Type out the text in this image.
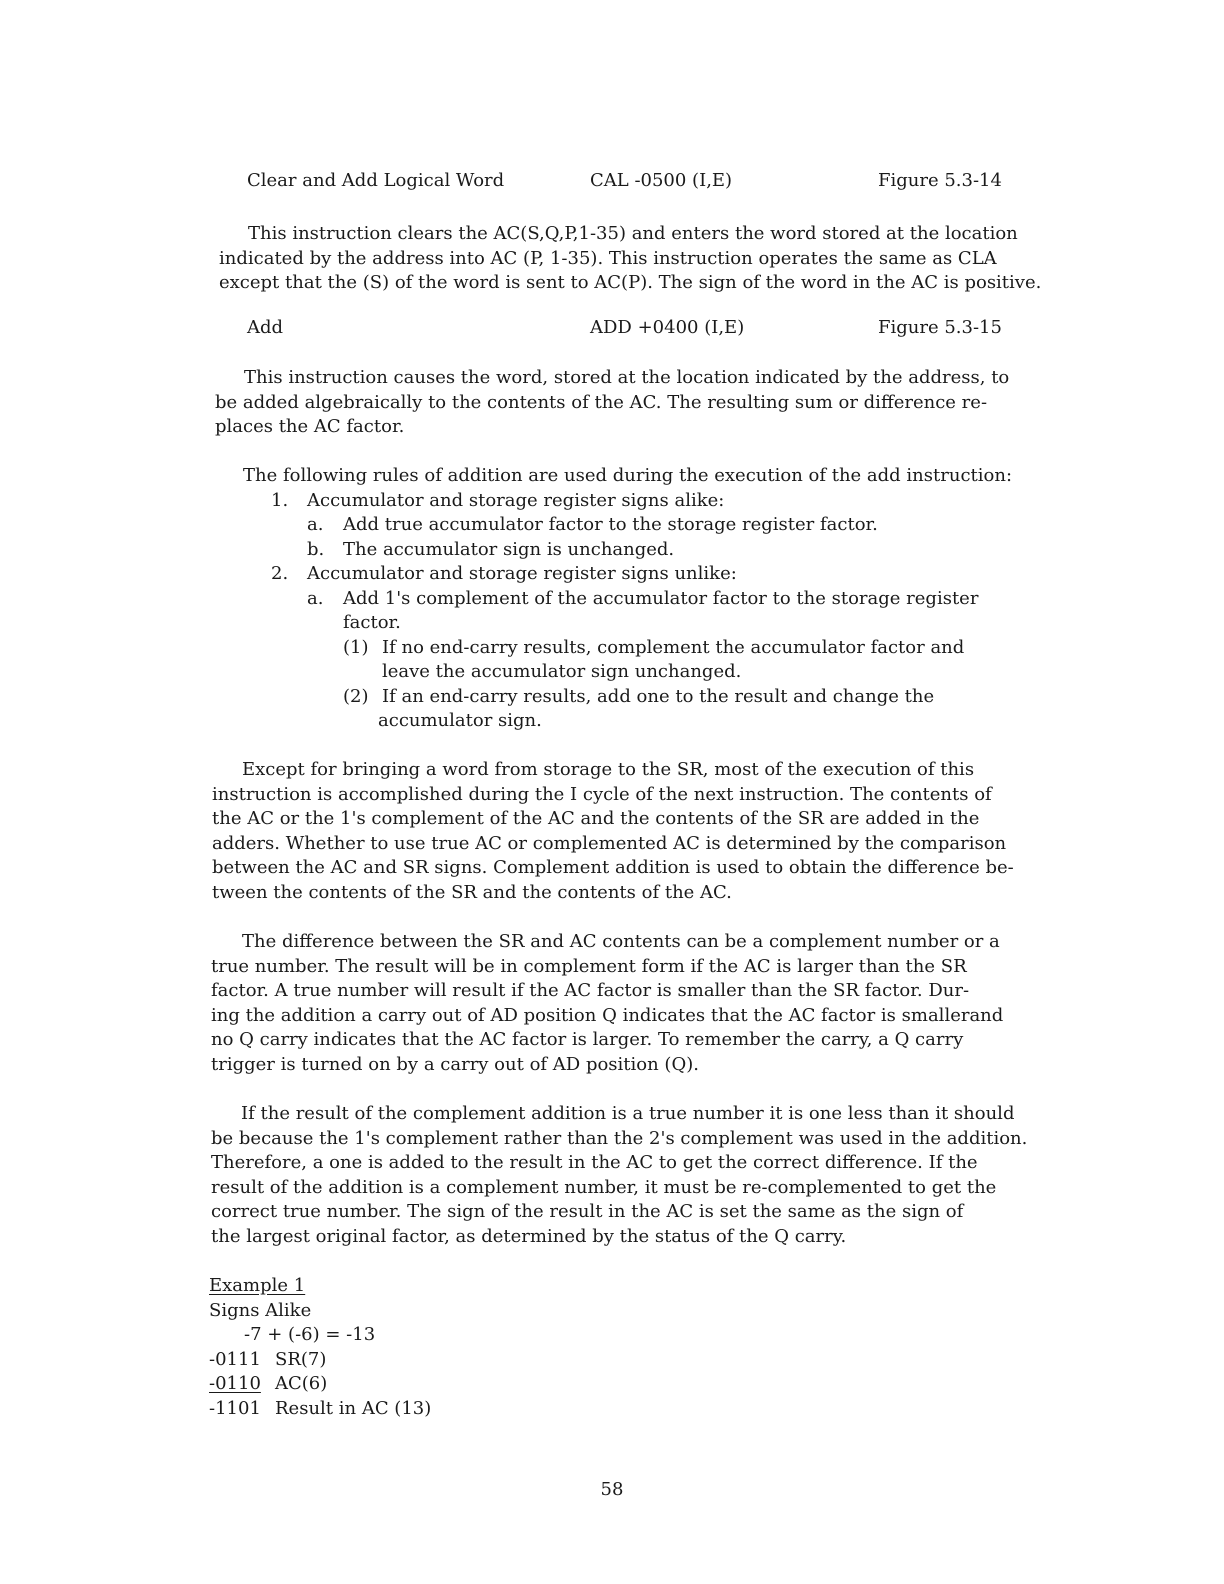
Clear and Add Logical Word	CAL -0500 (I,E)	Figure 5.3-14
This instruction clears the AC(S,Q,P,1-35) and enters the word stored at the location
indicated by the address into AC (P, 1-35). This instruction operates the same as CLA
except that the (S) of the word is sent to AC(P). The sign of the word in the AC is positive.
Add	ADD +0400 (I,E)	Figure 5.3-15
This instruction causes the word, stored at the location indicated by the address, to
be added algebraically to the contents of the AC. The resulting sum or difference re-
places the AC factor.
The following rules of addition are used during the execution of the add instruction:
1. Accumulator and storage register signs alike:
a. Add true accumulator factor to the storage register factor.
b. The accumulator sign is unchanged.
2. Accumulator and storage register signs unlike:
a. Add 1's complement of the accumulator factor to the storage register
factor.
(1) If no end-carry results, complement the accumulator factor and
leave the accumulator sign unchanged.
(2) If an end-carry results, add one to the result and change the
accumulator sign.
Except for bringing a word from storage to the SR, most of the execution of this
instruction is accomplished during the I cycle of the next instruction. The contents of
the AC or the 1's complement of the AC and the contents of the SR are added in the
adders. Whether to use true AC or complemented AC is determined by the comparison
between the AC and SR signs. Complement addition is used to obtain the difference be-
tween the contents of the SR and the contents of the AC.
The difference between the SR and AC contents can be a complement number or a
true number. The result will be in complement form if the AC is larger than the SR
factor. A true number will result if the AC factor is smaller than the SR factor. Dur-
ing the addition a carry out of AD position Q indicates that the AC factor is smallerand
no Q carry indicates that the AC factor is larger. To remember the carry, a Q carry
trigger is turned on by a carry out of AD position (Q).
If the result of the complement addition is a true number it is one less than it should
be because the 1's complement rather than the 2's complement was used in the addition.
Therefore, a one is added to the result in the AC to get the correct difference. If the
result of the addition is a complement number, it must be re-complemented to get the
correct true number. The sign of the result in the AC is set the same as the sign of
the largest original factor, as determined by the status of the Q carry.
Example 1
Signs Alike
-7 + (-6) = -13
-0111 SR(7)
-0110 AC(6)
-1101 Result in AC (13)
58
